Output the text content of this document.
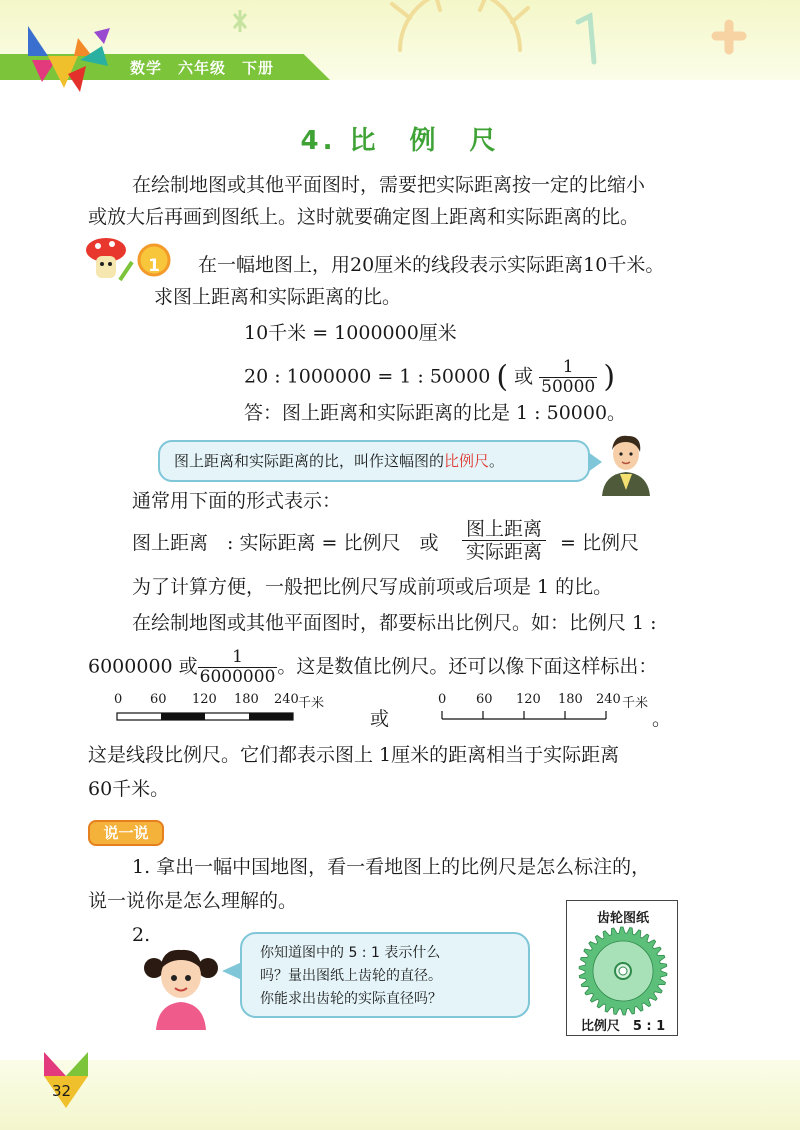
数学　六年级　下册
4. 比　例　尺
在绘制地图或其他平面图时，需要把实际距离按一定的比缩小
或放大后再画到图纸上。这时就要确定图上距离和实际距离的比。
1	在一幅地图上，用20厘米的线段表示实际距离10千米。
求图上距离和实际距离的比。
10千米 = 1000000厘米
20 : 1000000 = 1 : 50000 ( 或 $\frac{1}{50000}$ )
答：图上距离和实际距离的比是 1 : 50000。
图上距离和实际距离的比，叫作这幅图的比例尺。
通常用下面的形式表示：
图上距离　: 实际距离 = 比例尺　或
图上距离
实际距离 = 比例尺
为了计算方便，一般把比例尺写成前项或后项是 1 的比。
在绘制地图或其他平面图时，都要标出比例尺。如：比例尺 1 :
6000000 或 $\frac{1}{6000000}$ 。这是数值比例尺。还可以像下面这样标出：
0 60 120 180 240 千米
或
0 60 120 180 240 千米
。
这是线段比例尺。它们都表示图上 1厘米的距离相当于实际距离
60千米。
说一说
1. 拿出一幅中国地图，看一看地图上的比例尺是怎么标注的，
说一说你是怎么理解的。
2.
你知道图中的 5 : 1 表示什么
吗？量出图纸上齿轮的直径。
你能求出齿轮的实际直径吗？
齿轮图纸
比例尺　5 : 1
32
